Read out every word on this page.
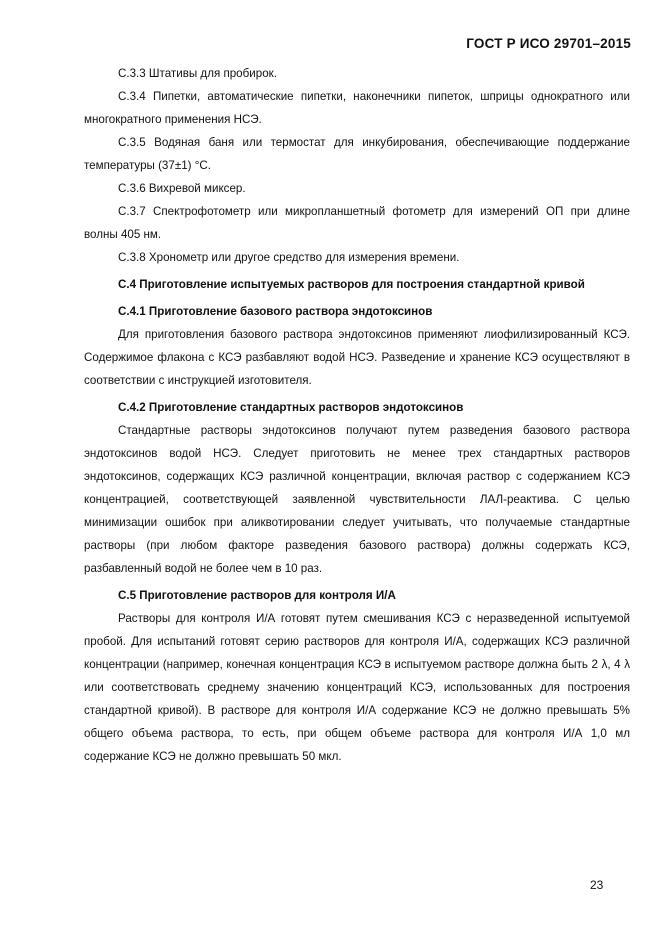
ГОСТ Р ИСО 29701–2015

С.3.3 Штативы для пробирок.

С.3.4 Пипетки, автоматические пипетки, наконечники пипеток, шприцы однократного или многократного применения НСЭ.

С.3.5 Водяная баня или термостат для инкубирования, обеспечивающие поддержание температуры (37±1) °С.

С.3.6 Вихревой миксер.

С.3.7 Спектрофотометр или микропланшетный фотометр для измерений ОП при длине волны 405 нм.

С.3.8 Хронометр или другое средство для измерения времени.

С.4 Приготовление испытуемых растворов для построения стандартной кривой

С.4.1 Приготовление базового раствора эндотоксинов

Для приготовления базового раствора эндотоксинов применяют лиофилизированный КСЭ. Содержимое флакона с КСЭ разбавляют водой НСЭ. Разведение и хранение КСЭ осуществляют в соответствии с инструкцией изготовителя.

С.4.2 Приготовление стандартных растворов эндотоксинов

Стандартные растворы эндотоксинов получают путем разведения базового раствора эндотоксинов водой НСЭ. Следует приготовить не менее трех стандартных растворов эндотоксинов, содержащих КСЭ различной концентрации, включая раствор с содержанием КСЭ концентрацией, соответствующей заявленной чувствительности ЛАЛ-реактива. С целью минимизации ошибок при аликвотировании следует учитывать, что получаемые стандартные растворы (при любом факторе разведения базового раствора) должны содержать КСЭ, разбавленный водой не более чем в 10 раз.

С.5 Приготовление растворов для контроля И/А

Растворы для контроля И/А готовят путем смешивания КСЭ с неразведенной испытуемой пробой. Для испытаний готовят серию растворов для контроля И/А, содержащих КСЭ различной концентрации (например, конечная концентрация КСЭ в испытуемом растворе должна быть 2 λ, 4 λ или соответствовать среднему значению концентраций КСЭ, использованных для построения стандартной кривой). В растворе для контроля И/А содержание КСЭ не должно превышать 5% общего объема раствора, то есть, при общем объеме раствора для контроля И/А 1,0 мл содержание КСЭ не должно превышать 50 мкл.

23
